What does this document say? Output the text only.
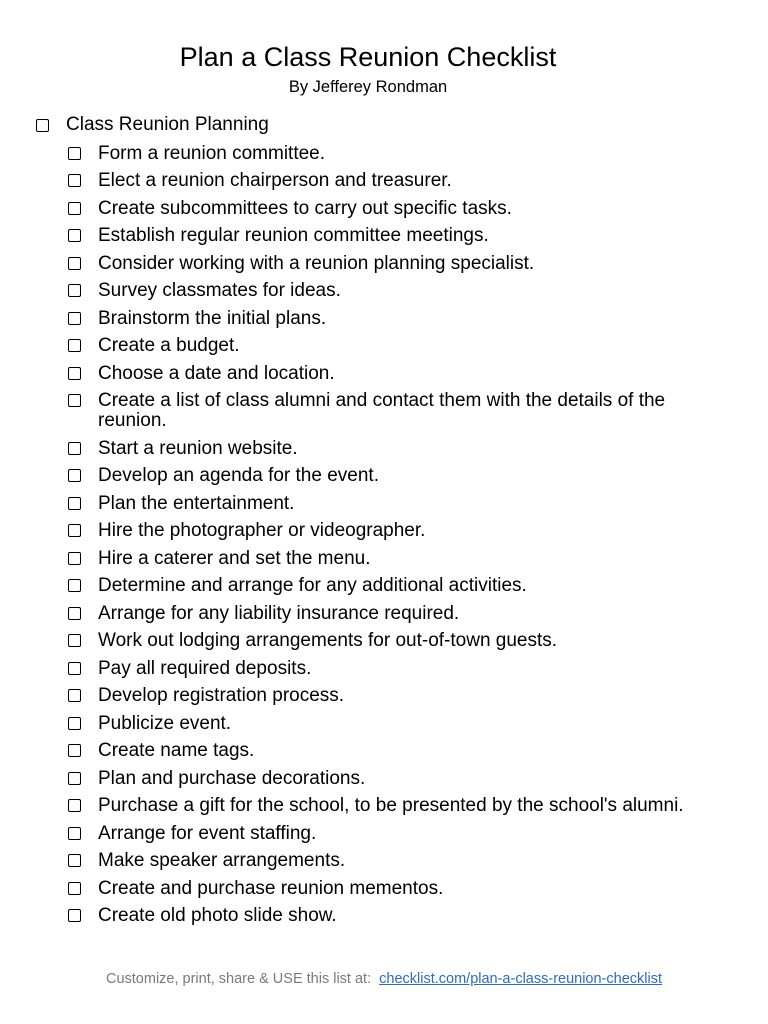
Plan a Class Reunion Checklist
By Jefferey Rondman
Class Reunion Planning
Form a reunion committee.
Elect a reunion chairperson and treasurer.
Create subcommittees to carry out specific tasks.
Establish regular reunion committee meetings.
Consider working with a reunion planning specialist.
Survey classmates for ideas.
Brainstorm the initial plans.
Create a budget.
Choose a date and location.
Create a list of class alumni and contact them with the details of the reunion.
Start a reunion website.
Develop an agenda for the event.
Plan the entertainment.
Hire the photographer or videographer.
Hire a caterer and set the menu.
Determine and arrange for any additional activities.
Arrange for any liability insurance required.
Work out lodging arrangements for out-of-town guests.
Pay all required deposits.
Develop registration process.
Publicize event.
Create name tags.
Plan and purchase decorations.
Purchase a gift for the school, to be presented by the school's alumni.
Arrange for event staffing.
Make speaker arrangements.
Create and purchase reunion mementos.
Create old photo slide show.
Customize, print, share & USE this list at: checklist.com/plan-a-class-reunion-checklist
